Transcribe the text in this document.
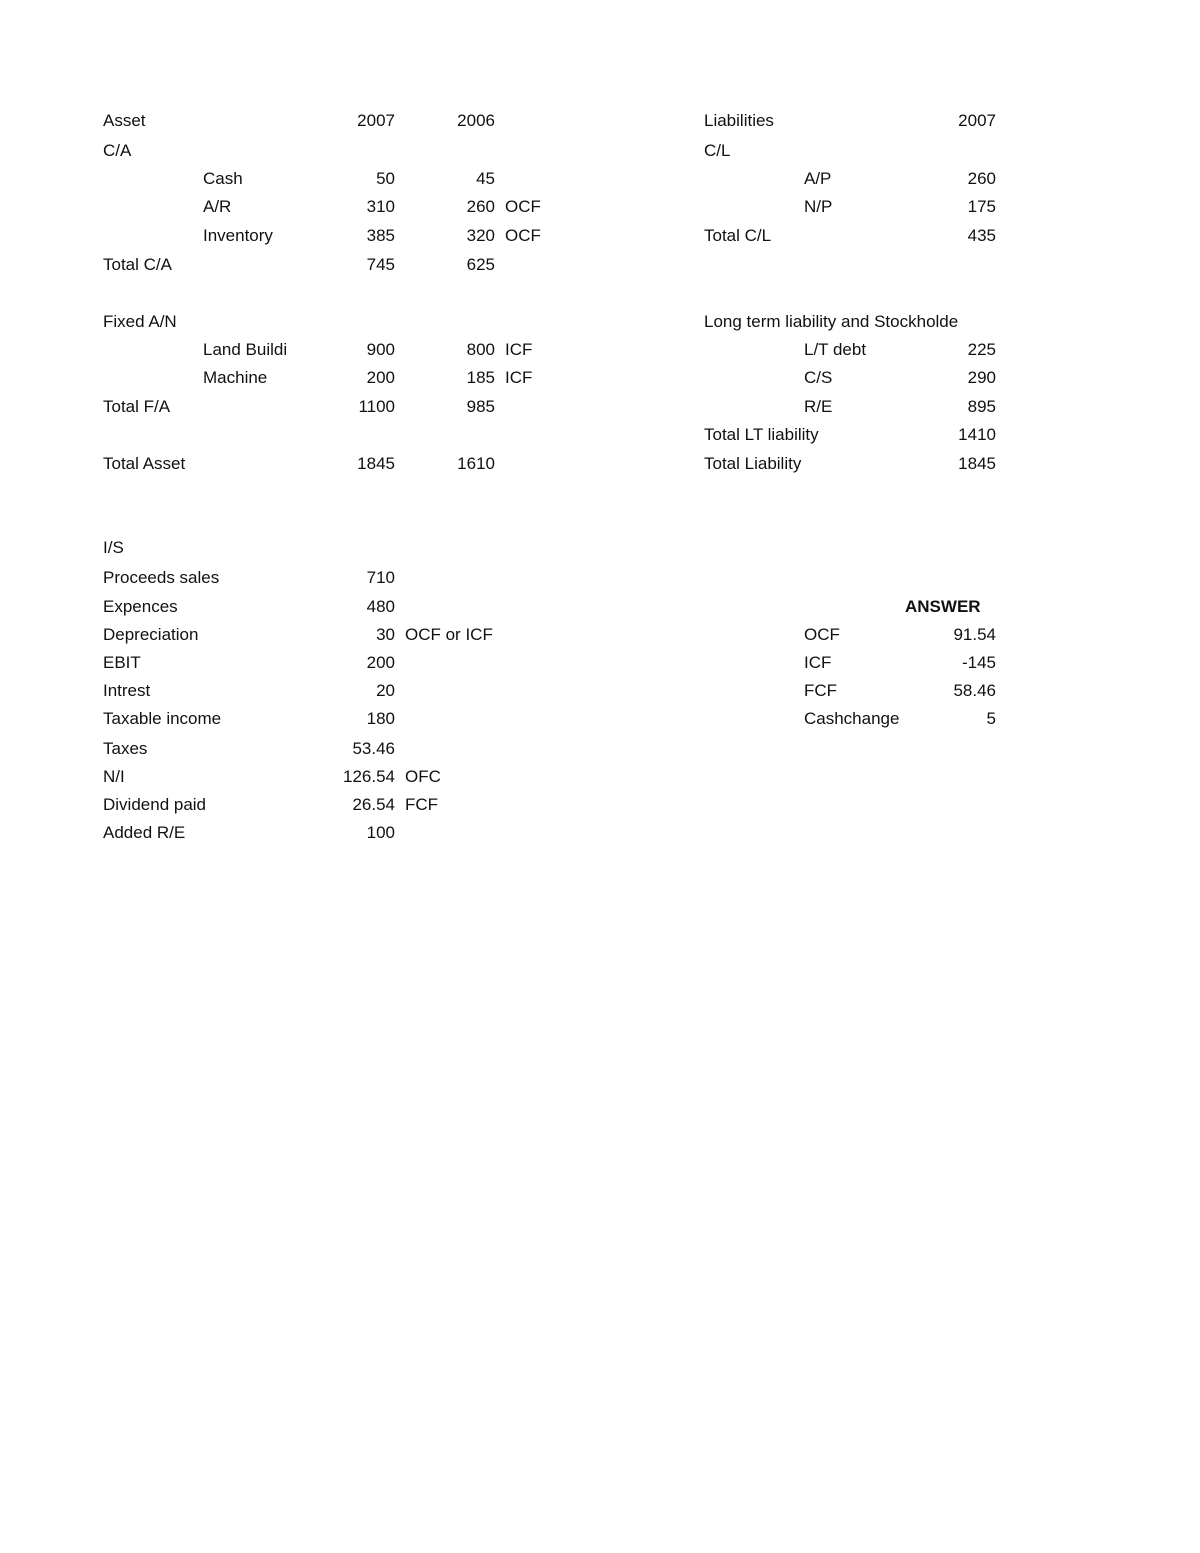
Asset	2007	2006
C/A
Cash	50	45
A/R	310	260 OCF
Inventory	385	320 OCF
Total C/A	745	625
Fixed A/N
Land Buildi	900	800 ICF
Machine	200	185 ICF
Total F/A	1100	985
Total Asset	1845	1610
Liabilities	2007
C/L
A/P	260
N/P	175
Total C/L	435
Long term liability and Stockholde
L/T debt	225
C/S	290
R/E	895
Total LT liability	1410
Total Liability	1845
I/S
Proceeds sales	710
Expences	480
Depreciation	30 OCF or ICF
EBIT	200
Intrest	20
Taxable income	180
Taxes	53.46
N/I	126.54 OFC
Dividend paid	26.54 FCF
Added R/E	100
ANSWER
OCF	91.54
ICF	-145
FCF	58.46
Cashchange	5
